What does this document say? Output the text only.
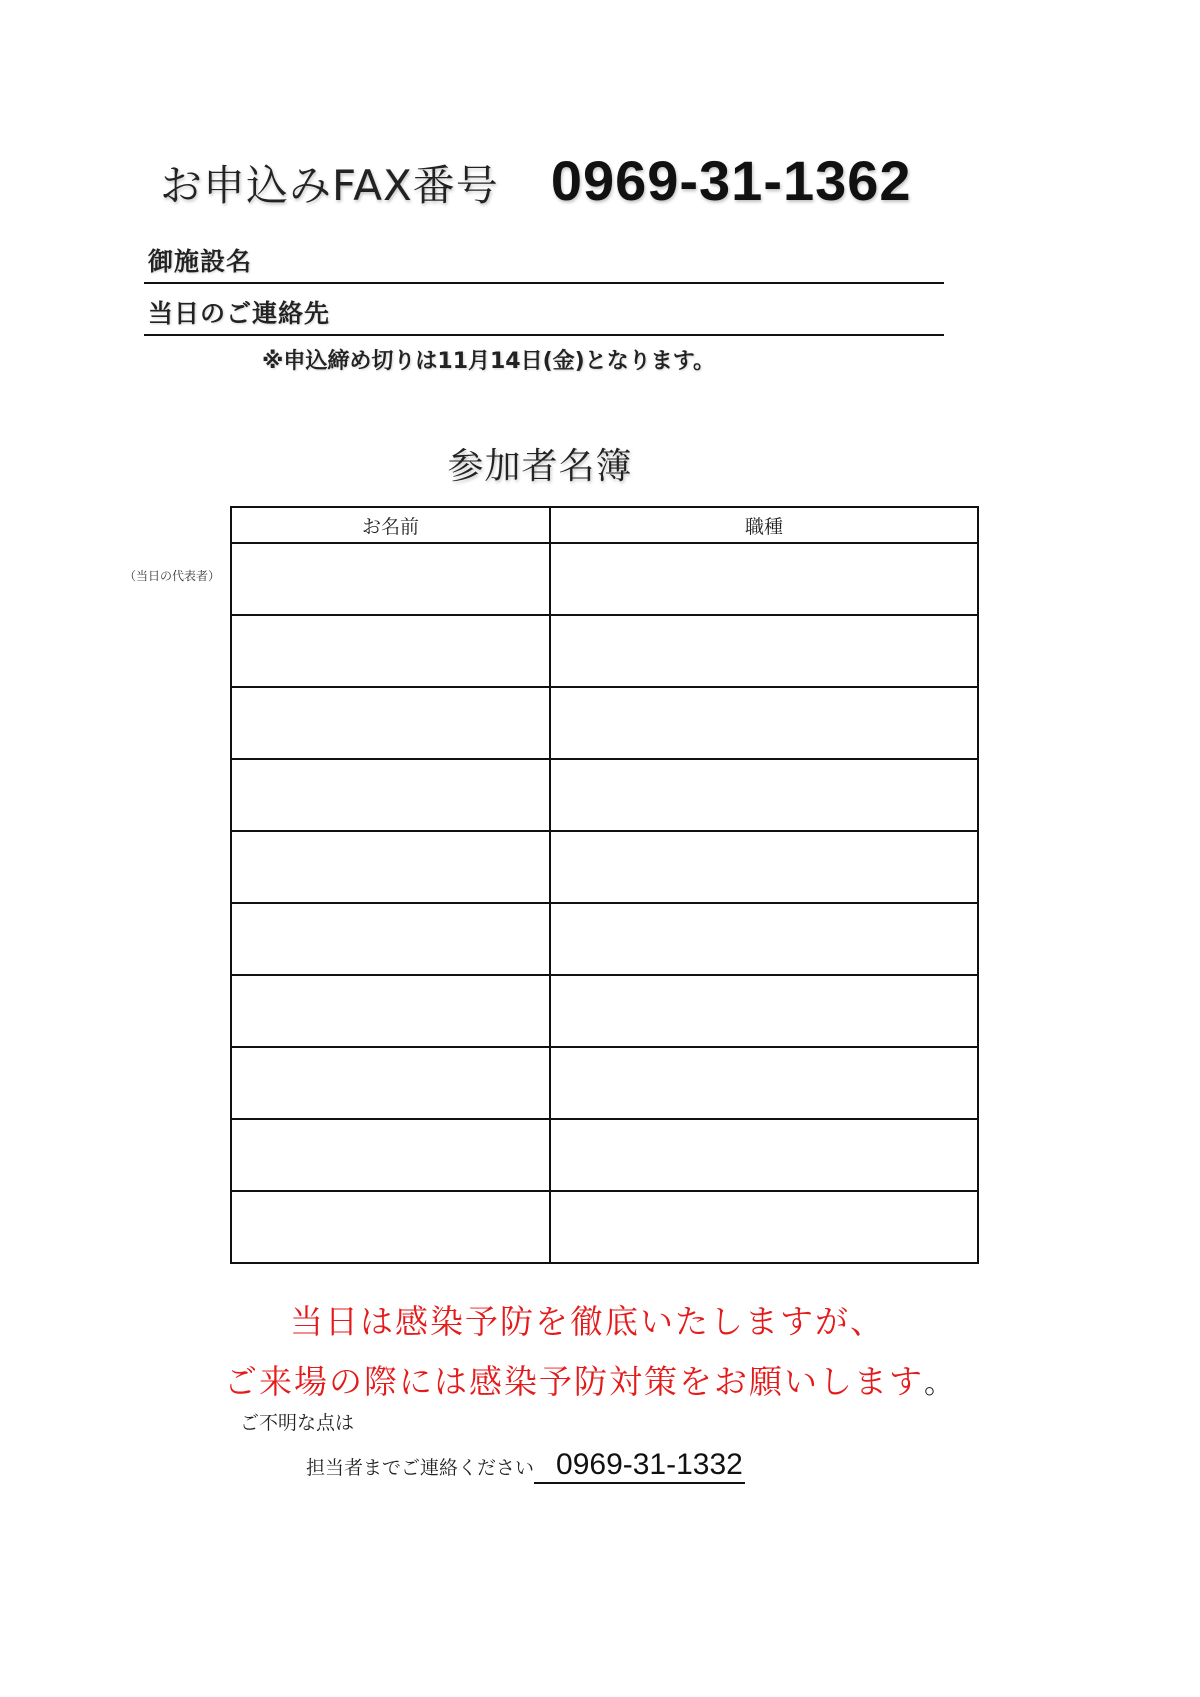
お申込みFAX番号 0969-31-1362
御施設名
当日のご連絡先
※申込締め切りは11月14日(金)となります。
参加者名簿
（当日の代表者）
お名前	職種

当日は感染予防を徹底いたしますが、
ご来場の際には感染予防対策をお願いします。
ご不明な点は
担当者までご連絡ください 0969-31-1332
